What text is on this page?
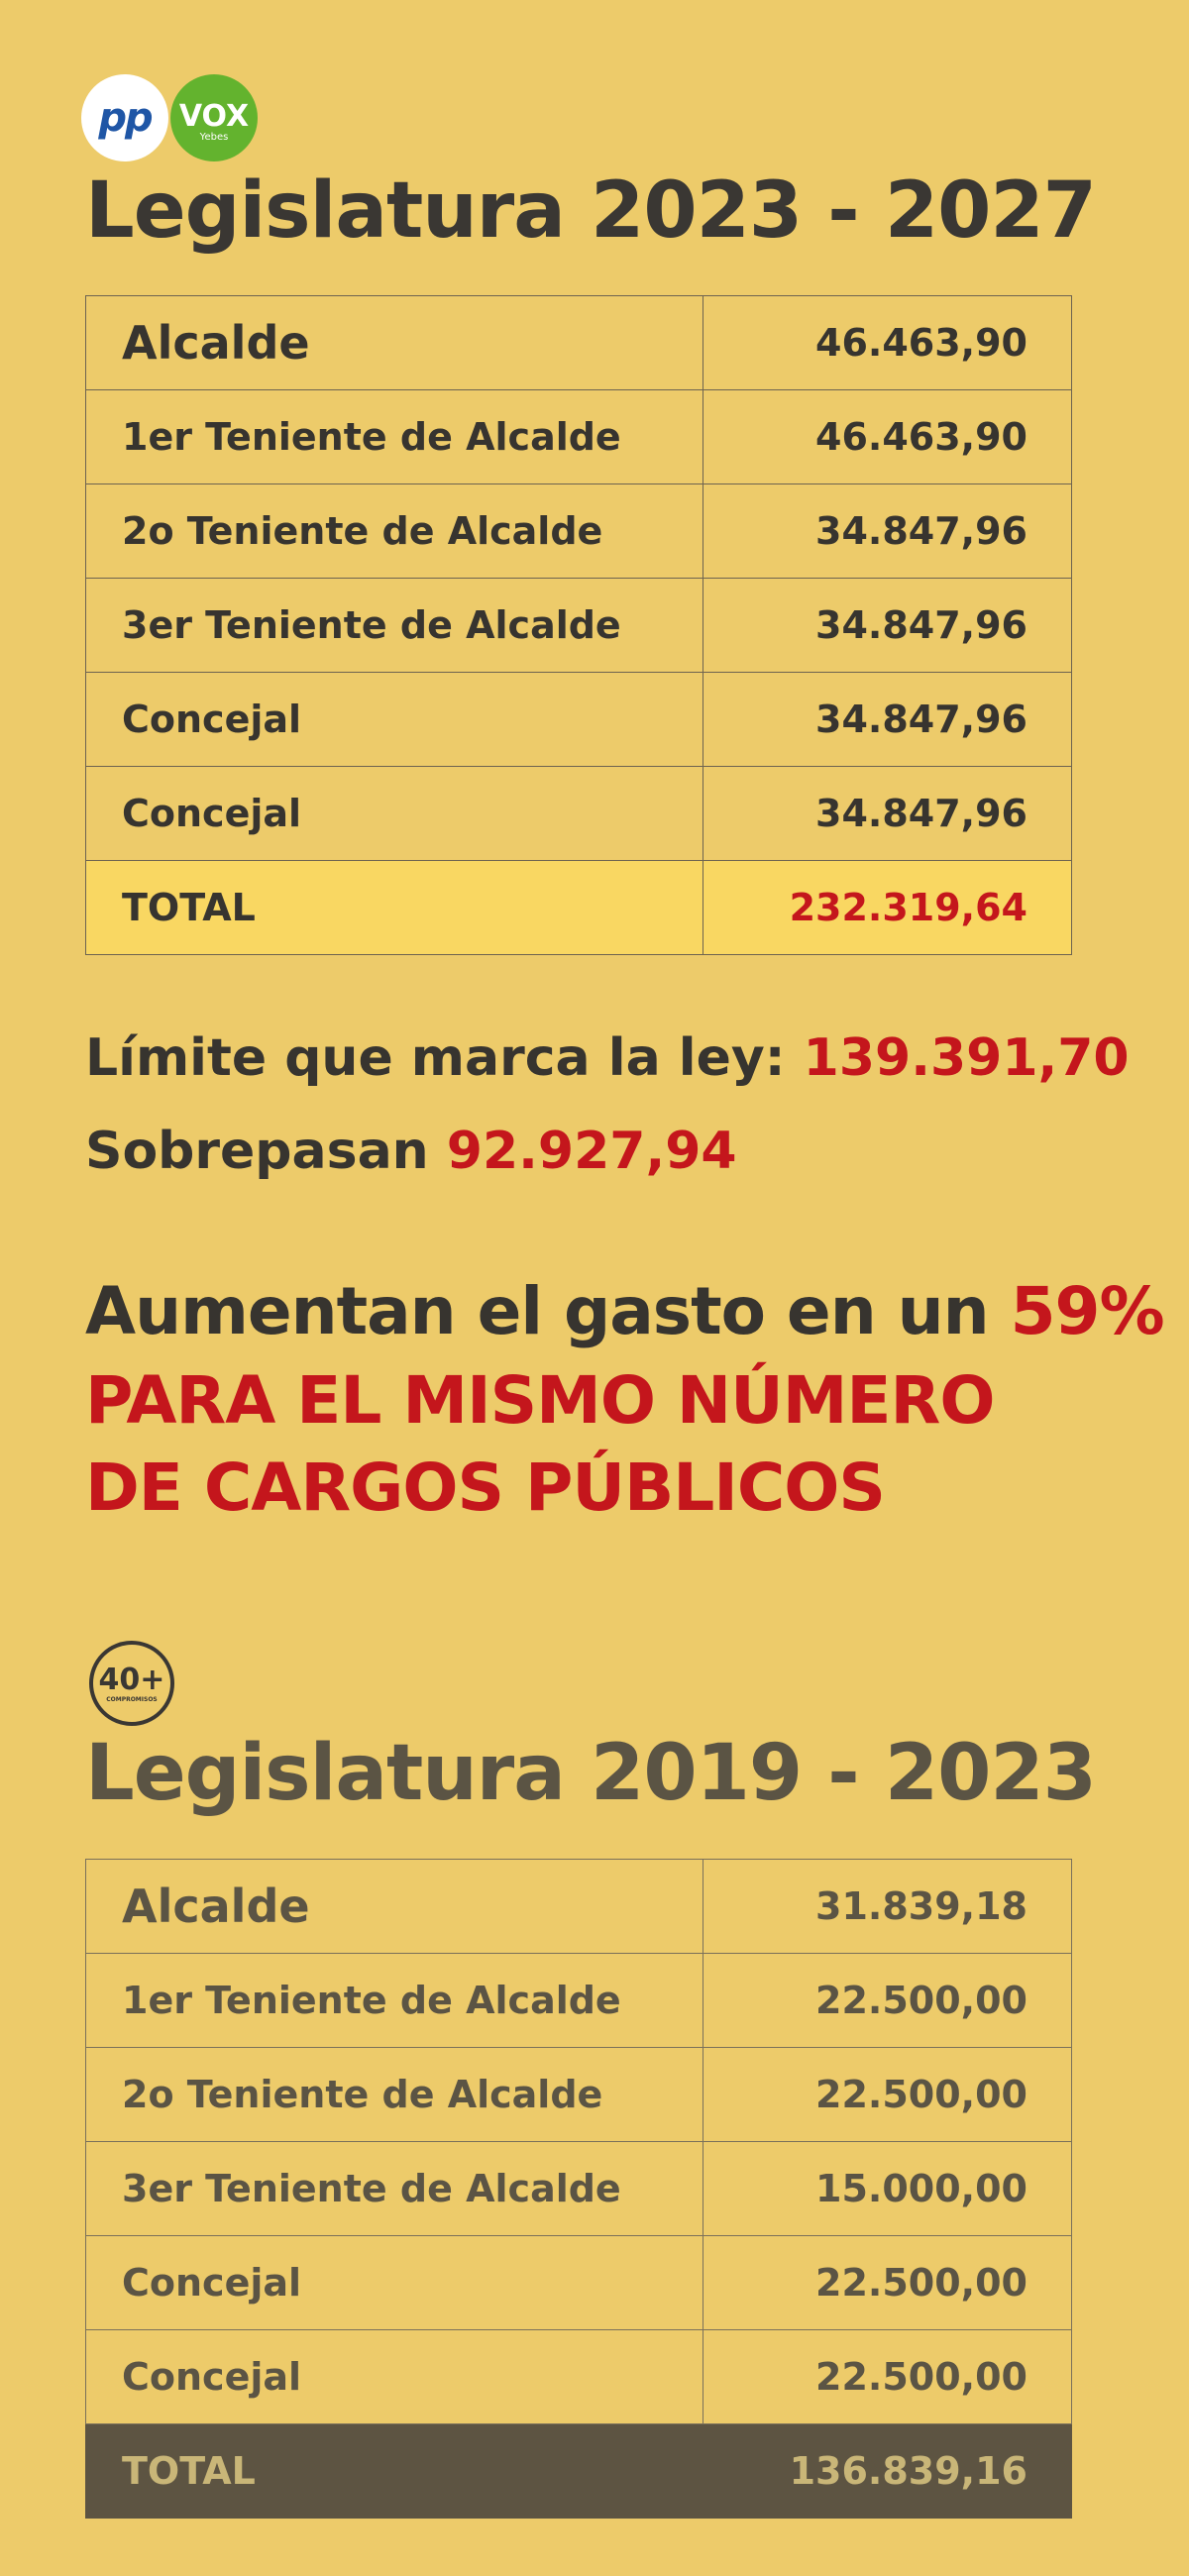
pp VOX
Yebes
Legislatura 2023 - 2027
Alcalde	46.463,90
1er Teniente de Alcalde	46.463,90
2o Teniente de Alcalde	34.847,96
3er Teniente de Alcalde	34.847,96
Concejal	34.847,96
Concejal	34.847,96
TOTAL	232.319,64

Límite que marca la ley: 139.391,70

Sobrepasan 92.927,94

Aumentan el gasto en un 59%
PARA EL MISMO NÚMERO
DE CARGOS PÚBLICOS
40+
COMPROMISOS
Legislatura 2019 - 2023
Alcalde	31.839,18
1er Teniente de Alcalde	22.500,00
2o Teniente de Alcalde	22.500,00
3er Teniente de Alcalde	15.000,00
Concejal	22.500,00
Concejal	22.500,00
TOTAL	136.839,16
